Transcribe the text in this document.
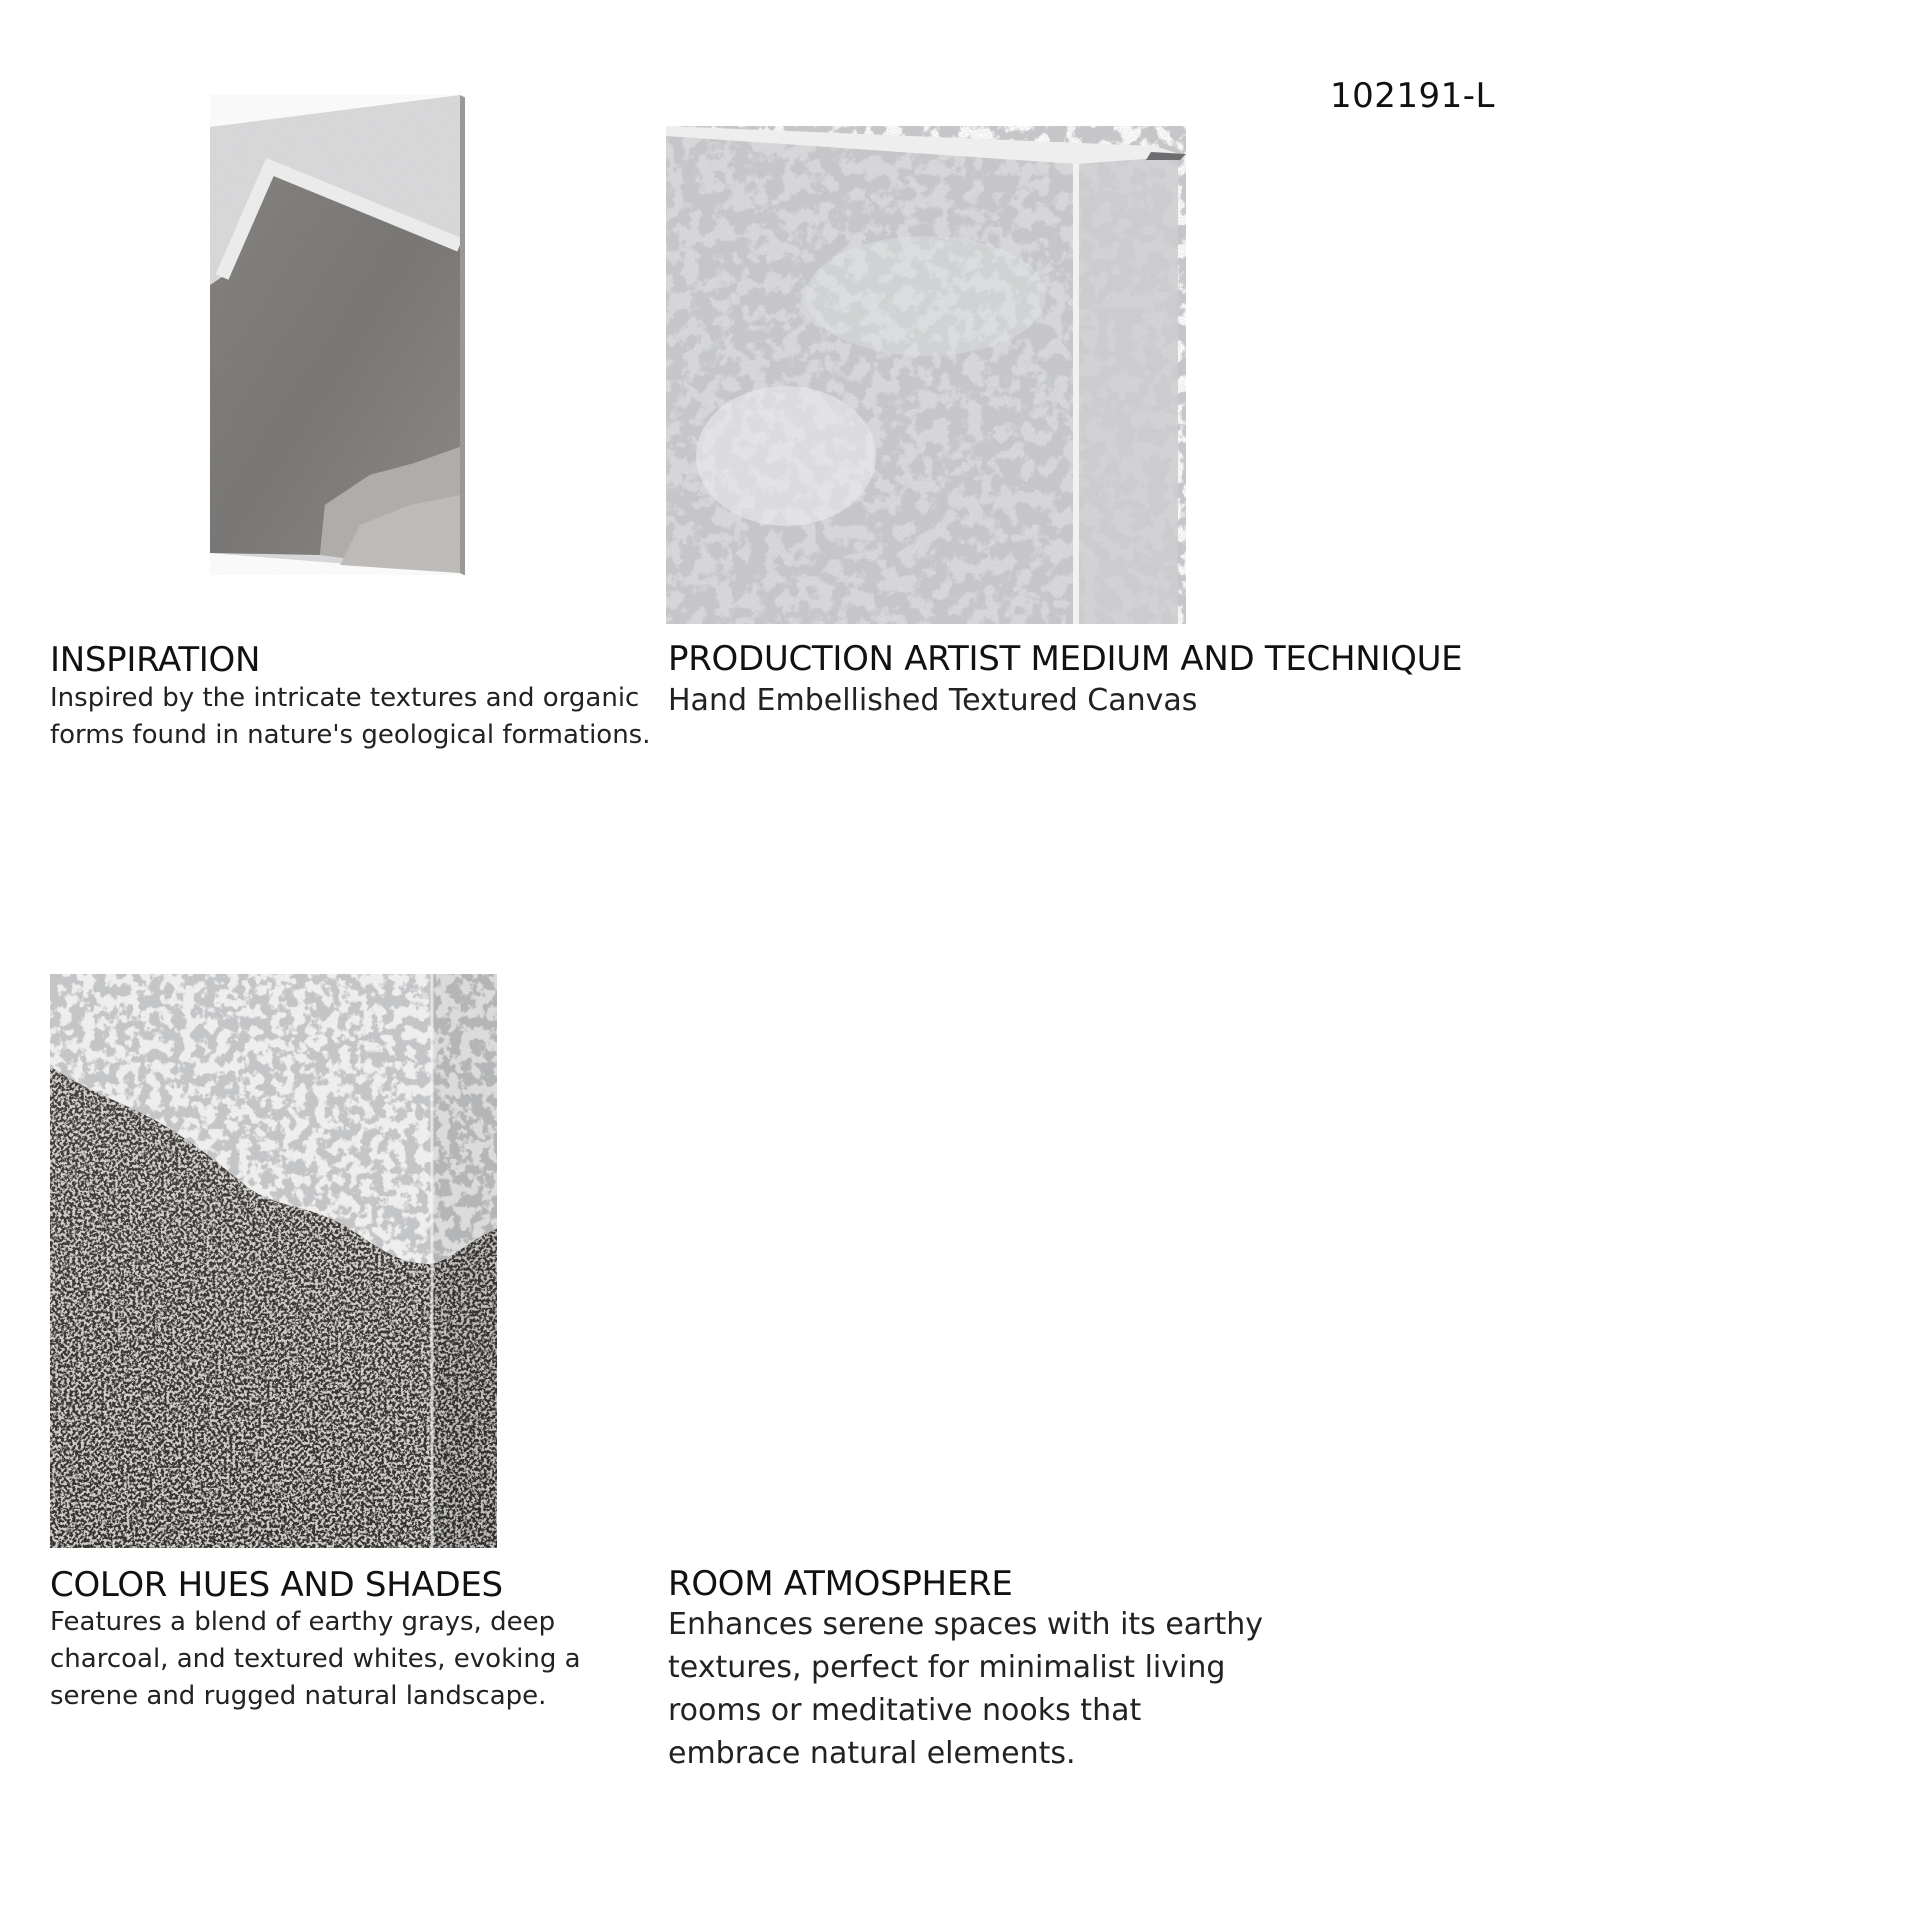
102191-L
INSPIRATION
Inspired by the intricate textures and organic
forms found in nature's geological formations.
PRODUCTION ARTIST MEDIUM AND TECHNIQUE
Hand Embellished Textured Canvas
COLOR HUES AND SHADES
Features a blend of earthy grays, deep
charcoal, and textured whites, evoking a
serene and rugged natural landscape.
ROOM ATMOSPHERE
Enhances serene spaces with its earthy
textures, perfect for minimalist living
rooms or meditative nooks that
embrace natural elements.
